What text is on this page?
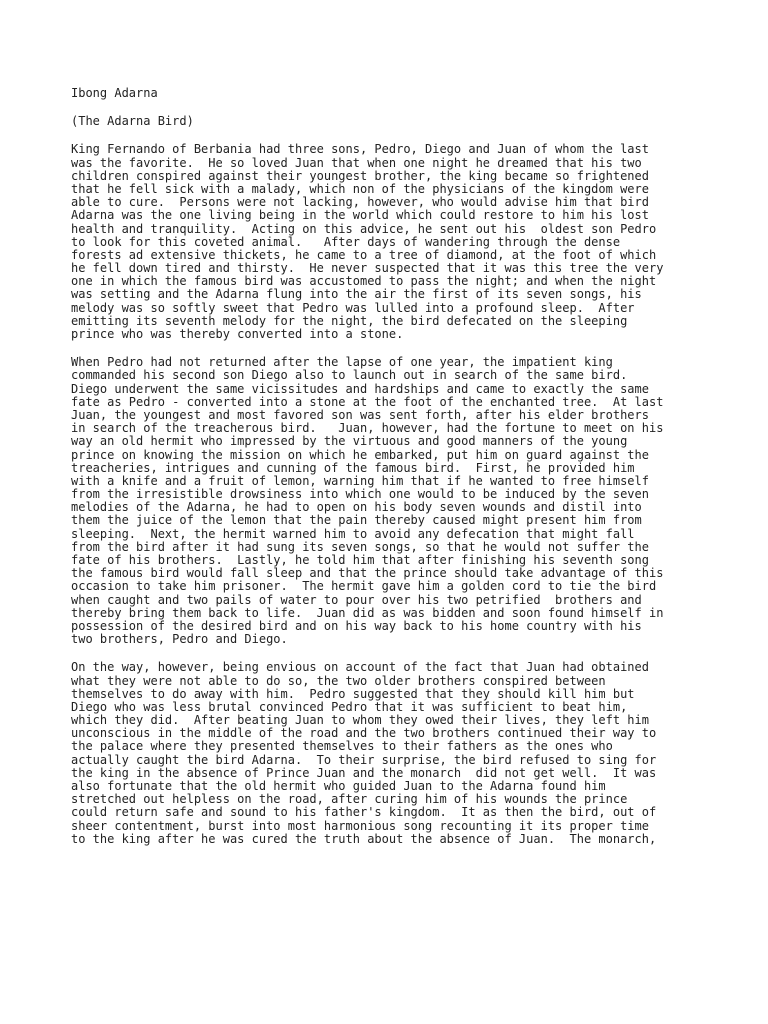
Ibong Adarna
(The Adarna Bird)
King Fernando of Berbania had three sons, Pedro, Diego and Juan of whom the last
was the favorite.  He so loved Juan that when one night he dreamed that his two
children conspired against their youngest brother, the king became so frightened
that he fell sick with a malady, which non of the physicians of the kingdom were
able to cure.  Persons were not lacking, however, who would advise him that bird
Adarna was the one living being in the world which could restore to him his lost
health and tranquility.  Acting on this advice, he sent out his  oldest son Pedro
to look for this coveted animal.   After days of wandering through the dense
forests ad extensive thickets, he came to a tree of diamond, at the foot of which
he fell down tired and thirsty.  He never suspected that it was this tree the very
one in which the famous bird was accustomed to pass the night; and when the night
was setting and the Adarna flung into the air the first of its seven songs, his
melody was so softly sweet that Pedro was lulled into a profound sleep.  After
emitting its seventh melody for the night, the bird defecated on the sleeping
prince who was thereby converted into a stone.
When Pedro had not returned after the lapse of one year, the impatient king
commanded his second son Diego also to launch out in search of the same bird.
Diego underwent the same vicissitudes and hardships and came to exactly the same
fate as Pedro - converted into a stone at the foot of the enchanted tree.  At last
Juan, the youngest and most favored son was sent forth, after his elder brothers
in search of the treacherous bird.   Juan, however, had the fortune to meet on his
way an old hermit who impressed by the virtuous and good manners of the young
prince on knowing the mission on which he embarked, put him on guard against the
treacheries, intrigues and cunning of the famous bird.  First, he provided him
with a knife and a fruit of lemon, warning him that if he wanted to free himself
from the irresistible drowsiness into which one would to be induced by the seven
melodies of the Adarna, he had to open on his body seven wounds and distil into
them the juice of the lemon that the pain thereby caused might present him from
sleeping.  Next, the hermit warned him to avoid any defecation that might fall
from the bird after it had sung its seven songs, so that he would not suffer the
fate of his brothers.  Lastly, he told him that after finishing his seventh song
the famous bird would fall sleep and that the prince should take advantage of this
occasion to take him prisoner.  The hermit gave him a golden cord to tie the bird
when caught and two pails of water to pour over his two petrified  brothers and
thereby bring them back to life.  Juan did as was bidden and soon found himself in
possession of the desired bird and on his way back to his home country with his
two brothers, Pedro and Diego.
On the way, however, being envious on account of the fact that Juan had obtained
what they were not able to do so, the two older brothers conspired between
themselves to do away with him.  Pedro suggested that they should kill him but
Diego who was less brutal convinced Pedro that it was sufficient to beat him,
which they did.  After beating Juan to whom they owed their lives, they left him
unconscious in the middle of the road and the two brothers continued their way to
the palace where they presented themselves to their fathers as the ones who
actually caught the bird Adarna.  To their surprise, the bird refused to sing for
the king in the absence of Prince Juan and the monarch  did not get well.  It was
also fortunate that the old hermit who guided Juan to the Adarna found him
stretched out helpless on the road, after curing him of his wounds the prince
could return safe and sound to his father's kingdom.  It as then the bird, out of
sheer contentment, burst into most harmonious song recounting it its proper time
to the king after he was cured the truth about the absence of Juan.  The monarch,
